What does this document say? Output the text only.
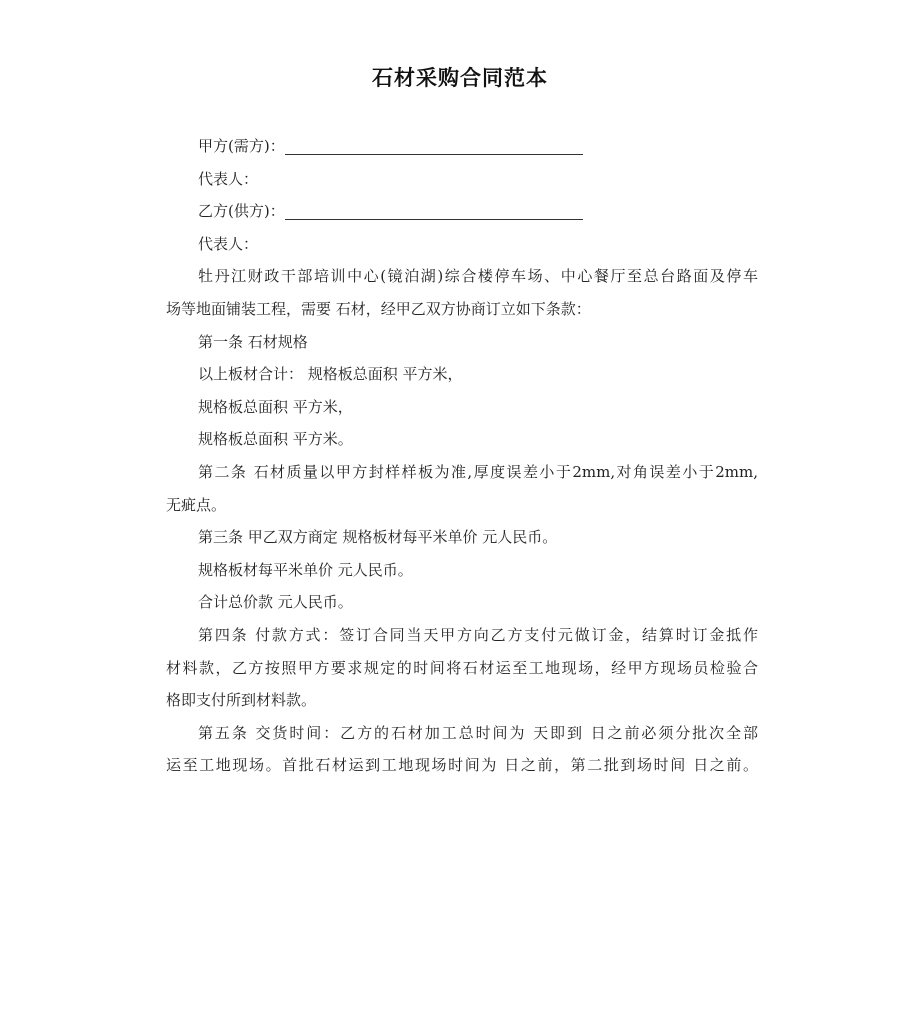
石材采购合同范本
甲方(需方)：
代表人：
乙方(供方)：
代表人：
牡丹江财政干部培训中心(镜泊湖)综合楼停车场、中心餐厅至总台路面及停车
场等地面铺装工程，需要 石材，经甲乙双方协商订立如下条款：
第一条 石材规格
以上板材合计： 规格板总面积 平方米，
规格板总面积 平方米，
规格板总面积 平方米。
第二条 石材质量以甲方封样样板为准,厚度误差小于2mm,对角误差小于2mm,
无疵点。
第三条 甲乙双方商定 规格板材每平米单价 元人民币。
规格板材每平米单价 元人民币。
合计总价款 元人民币。
第四条 付款方式：签订合同当天甲方向乙方支付元做订金，结算时订金抵作
材料款，乙方按照甲方要求规定的时间将石材运至工地现场，经甲方现场员检验合
格即支付所到材料款。
第五条 交货时间：乙方的石材加工总时间为 天即到 日之前必须分批次全部
运至工地现场。首批石材运到工地现场时间为 日之前，第二批到场时间 日之前。
